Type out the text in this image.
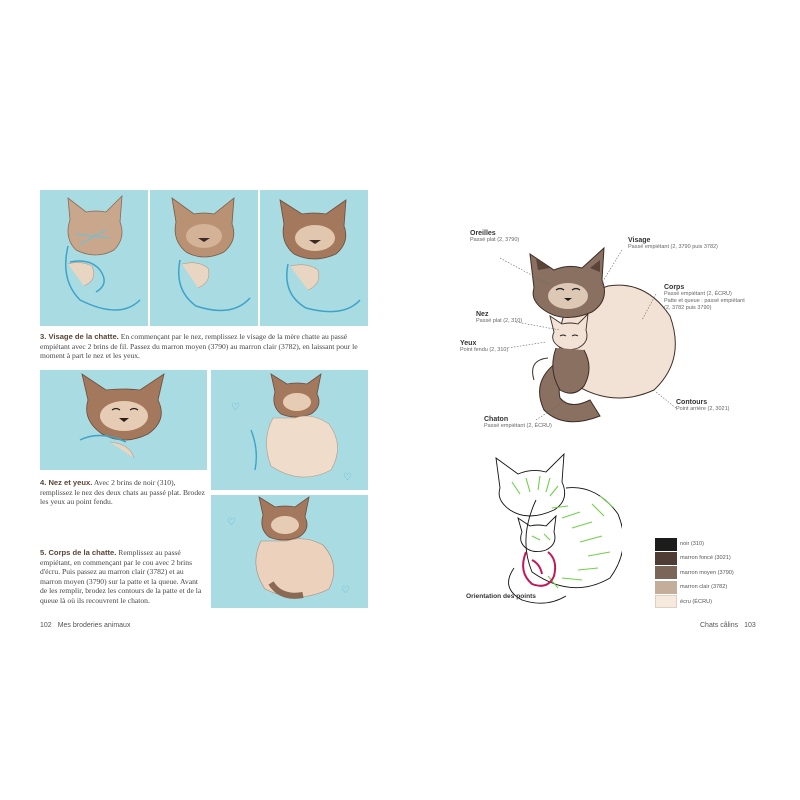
3. Visage de la chatte. En commençant par le nez, remplissez le visage de la mère chatte au passé empiétant avec 2 brins de fil. Passez du marron moyen (3790) au marron clair (3782), en laissant pour le moment à part le nez et les yeux.
♡
♡
4. Nez et yeux. Avec 2 brins de noir (310), remplissez le nez des deux chats au passé plat. Brodez les yeux au point fendu.
♡
♡
5. Corps de la chatte. Remplissez au passé empiétant, en commençant par le cou avec 2 brins d'écru. Puis passez au marron clair (3782) et au marron moyen (3790) sur la patte et la queue. Avant de les remplir, brodez les contours de la patte et de la queue là où ils recouvrent le chaton.
102 Mes broderies animaux
Oreilles
Passé plat (2, 3790)
Nez
Passé plat (2, 310)
Yeux
Point fendu (2, 310)
Chaton
Passé empiétant (2, ÉCRU)
Visage
Passé empiétant (2, 3790 puis 3782)
Corps
Passé empiétant (2, ÉCRU)
Patte et queue : passé empiétant
(2, 3782 puis 3790)
Contours
Point arrière (2, 3021)
Orientation des points
noir (310)
marron foncé (3021)
marron moyen (3790)
marron clair (3782)
écru (ÉCRU)
Chats câlins 103
